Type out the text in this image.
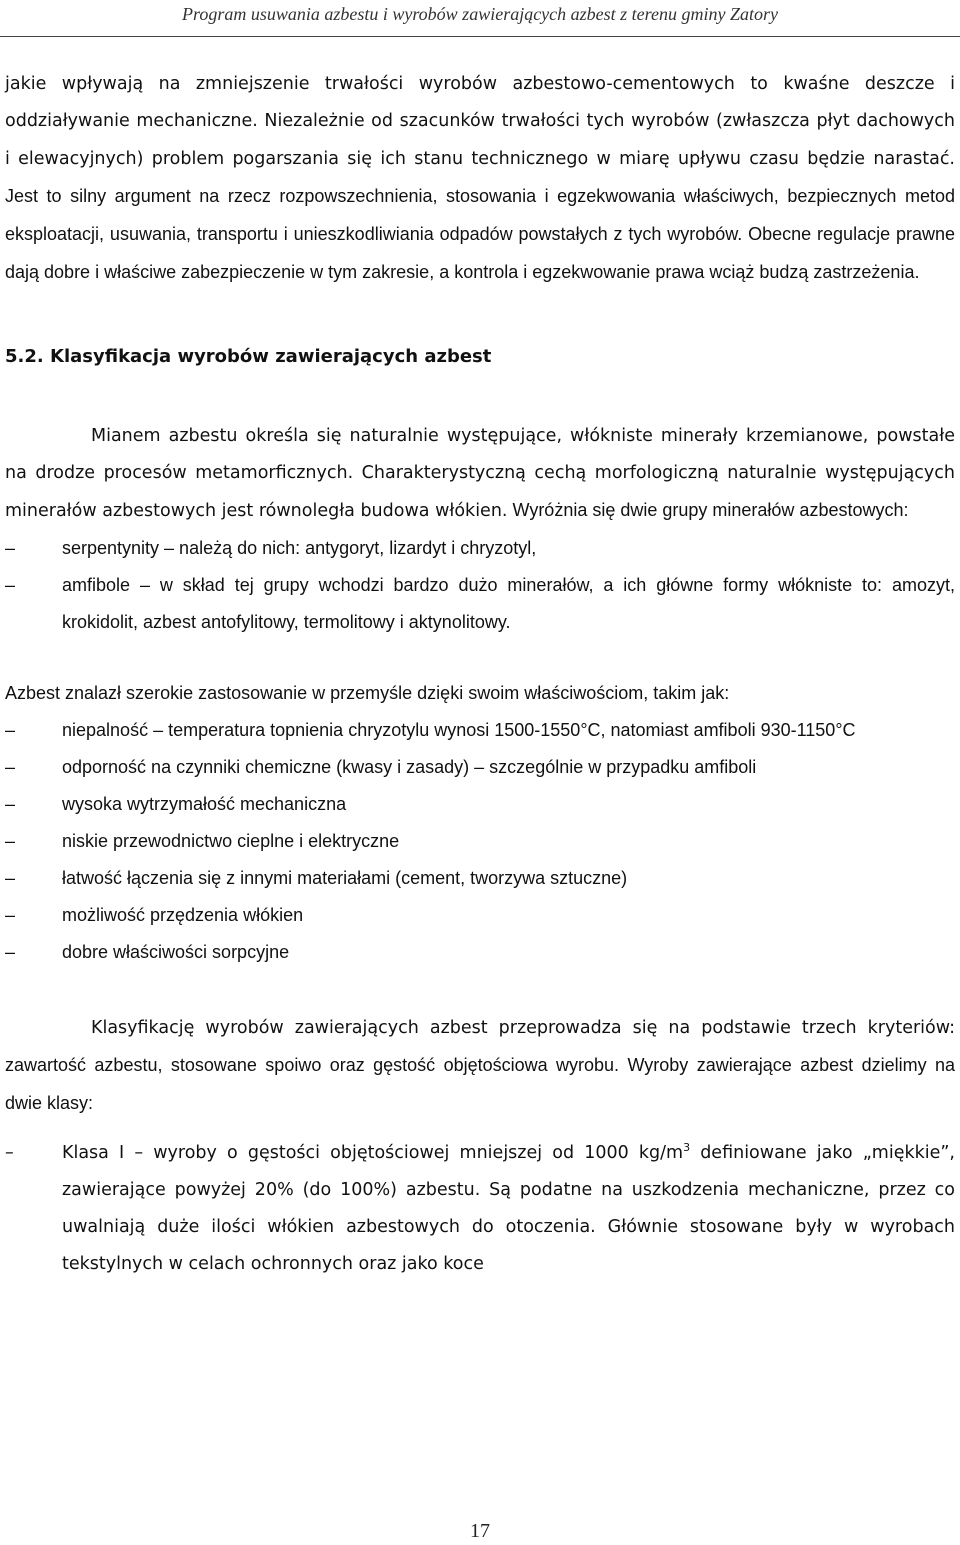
Program usuwania azbestu i wyrobów zawierających azbest z terenu gminy Zatory

jakie wpływają na zmniejszenie trwałości wyrobów azbestowo-cementowych to kwaśne deszcze i oddziaływanie mechaniczne. Niezależnie od szacunków trwałości tych wyrobów (zwłaszcza płyt dachowych i elewacyjnych) problem pogarszania się ich stanu technicznego w miarę upływu czasu będzie narastać. Jest to silny argument na rzecz rozpowszechnienia, stosowania i egzekwowania właściwych, bezpiecznych metod eksploatacji, usuwania, transportu i unieszkodliwiania odpadów powstałych z tych wyrobów. Obecne regulacje prawne dają dobre i właściwe zabezpieczenie w tym zakresie, a kontrola i egzekwowanie prawa wciąż budzą zastrzeżenia.

5.2. Klasyfikacja wyrobów zawierających azbest

Mianem azbestu określa się naturalnie występujące, włókniste minerały krzemianowe, powstałe na drodze procesów metamorficznych. Charakterystyczną cechą morfologiczną naturalnie występujących minerałów azbestowych jest równoległa budowa włókien. Wyróżnia się dwie grupy minerałów azbestowych:

–	serpentynity – należą do nich: antygoryt, lizardyt i chryzotyl,
–	amfibole – w skład tej grupy wchodzi bardzo dużo minerałów, a ich główne formy włókniste to: amozyt, krokidolit, azbest antofylitowy, termolitowy i aktynolitowy.

Azbest znalazł szerokie zastosowanie w przemyśle dzięki swoim właściwościom, takim jak:

–	niepalność – temperatura topnienia chryzotylu wynosi 1500-1550°C, natomiast amfiboli 930-1150°C
–	odporność na czynniki chemiczne (kwasy i zasady) – szczególnie w przypadku amfiboli
–	wysoka wytrzymałość mechaniczna
–	niskie przewodnictwo cieplne i elektryczne
–	łatwość łączenia się z innymi materiałami (cement, tworzywa sztuczne)
–	możliwość przędzenia włókien
–	dobre właściwości sorpcyjne

Klasyfikację wyrobów zawierających azbest przeprowadza się na podstawie trzech kryteriów: zawartość azbestu, stosowane spoiwo oraz gęstość objętościowa wyrobu. Wyroby zawierające azbest dzielimy na dwie klasy:

–	Klasa I – wyroby o gęstości objętościowej mniejszej od 1000 $kg/m^3$ definiowane jako „miękkie”, zawierające powyżej 20% (do 100%) azbestu. Są podatne na uszkodzenia mechaniczne, przez co uwalniają duże ilości włókien azbestowych do otoczenia. Głównie stosowane były w wyrobach tekstylnych w celach ochronnych oraz jako koce
17
